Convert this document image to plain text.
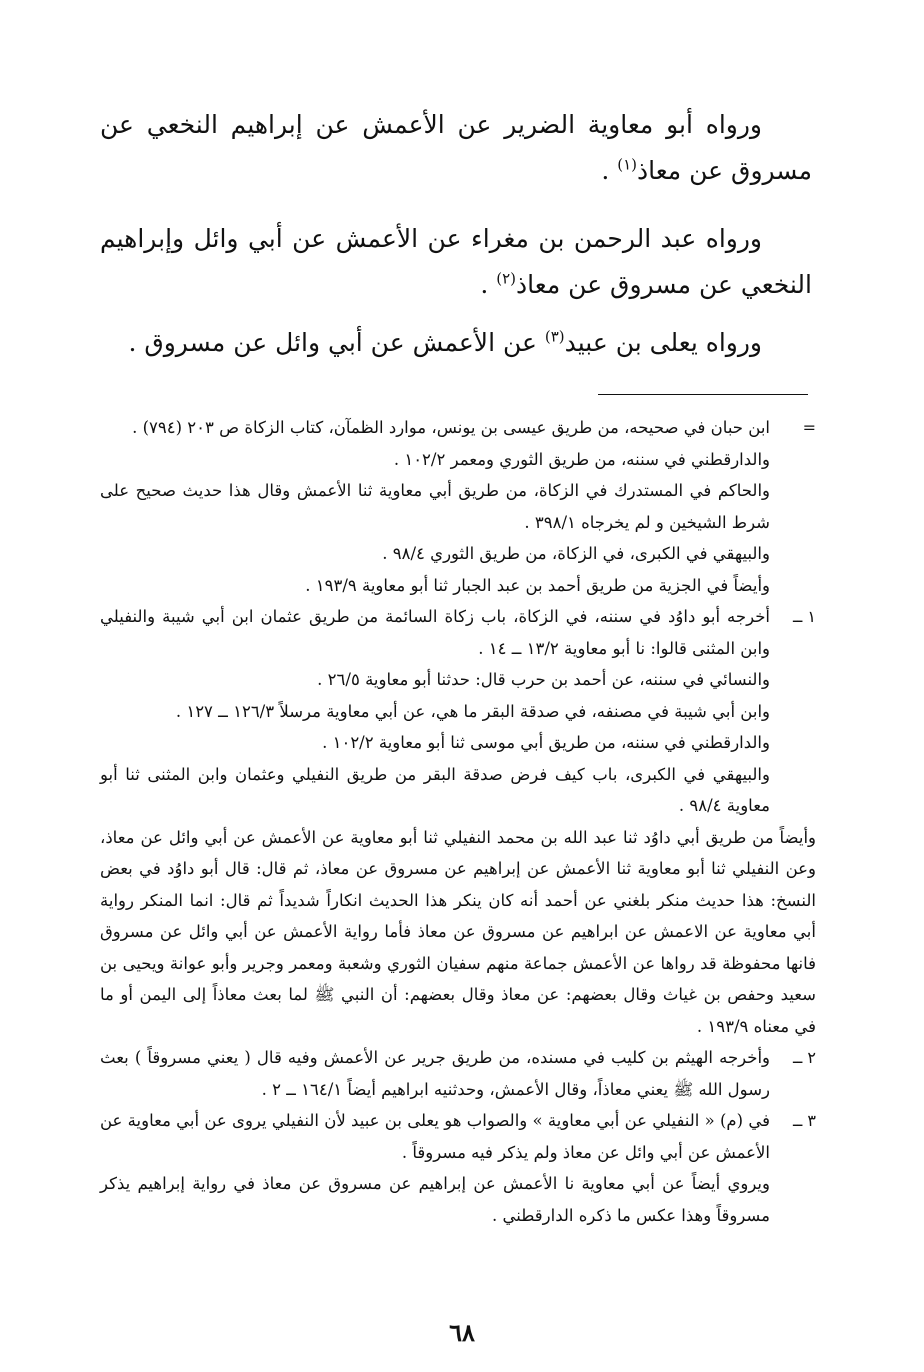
ورواه أبو معاوية الضرير عن الأعمش عن إبراهيم النخعي عن مسروق عن معاذ$^{(١)}$ .

ورواه عبد الرحمن بن مغراء عن الأعمش عن أبي وائل وإبراهيم النخعي عن مسروق عن معاذ$^{(٢)}$ .

ورواه يعلى بن عبيد$^{(٣)}$ عن الأعمش عن أبي وائل عن مسروق .

=

ابن حبان في صحيحه، من طريق عيسى بن يونس، موارد الظمآن، كتاب الزكاة ص ٢٠٣ (٧٩٤) .

والدارقطني في سننه، من طريق الثوري ومعمر ١٠٢/٢ .

والحاكم في المستدرك في الزكاة، من طريق أبي معاوية ثنا الأعمش وقال هذا حديث صحيح على شرط الشيخين و لم يخرجاه ٣٩٨/١ .

والبيهقي في الكبرى، في الزكاة، من طريق الثوري ٩٨/٤ .

وأيضاً في الجزية من طريق أحمد بن عبد الجبار ثنا أبو معاوية ١٩٣/٩ .

١ ــ

أخرجه أبو داوُد في سننه، في الزكاة، باب زكاة السائمة من طريق عثمان ابن أبي شيبة والنفيلي وابن المثنى قالوا: نا أبو معاوية ١٣/٢ ــ ١٤ .

والنسائي في سننه، عن أحمد بن حرب قال: حدثنا أبو معاوية ٢٦/٥ .

وابن أبي شيبة في مصنفه، في صدقة البقر ما هي، عن أبي معاوية مرسلاً ١٢٦/٣ ــ ١٢٧ .

والدارقطني في سننه، من طريق أبي موسى ثنا أبو معاوية ١٠٢/٢ .

والبيهقي في الكبرى، باب كيف فرض صدقة البقر من طريق النفيلي وعثمان وابن المثنى ثنا أبو معاوية ٩٨/٤ .

وأيضاً من طريق أبي داوُد ثنا عبد الله بن محمد النفيلي ثنا أبو معاوية عن الأعمش عن أبي وائل عن معاذ، وعن النفيلي ثنا أبو معاوية ثنا الأعمش عن إبراهيم عن مسروق عن معاذ، ثم قال: قال أبو داوُد في بعض النسخ: هذا حديث منكر بلغني عن أحمد أنه كان ينكر هذا الحديث انكاراً شديداً ثم قال: انما المنكر رواية أبي معاوية عن الاعمش عن ابراهيم عن مسروق عن معاذ فأما رواية الأعمش عن أبي وائل عن مسروق فانها محفوظة قد رواها عن الأعمش جماعة منهم سفيان الثوري وشعبة ومعمر وجرير وأبو عوانة ويحيى بن سعيد وحفص بن غياث وقال بعضهم: عن معاذ وقال بعضهم: أن النبي ﷺ لما بعث معاذاً إلى اليمن أو ما في معناه ١٩٣/٩ .

٢ ــ

وأخرجه الهيثم بن كليب في مسنده، من طريق جرير عن الأعمش وفيه قال ( يعني مسروقاً ) بعث رسول الله ﷺ يعني معاذاً، وقال الأعمش، وحدثنيه ابراهيم أيضاً ١٦٤/١ ــ ٢ .

٣ ــ

في (م) « النفيلي عن أبي معاوية » والصواب هو يعلى بن عبيد لأن النفيلي يروى عن أبي معاوية عن الأعمش عن أبي وائل عن معاذ ولم يذكر فيه مسروقاً .

ويروي أيضاً عن أبي معاوية نا الأعمش عن إبراهيم عن مسروق عن معاذ في رواية إبراهيم يذكر مسروقاً وهذا عكس ما ذكره الدارقطني .

٦٨
